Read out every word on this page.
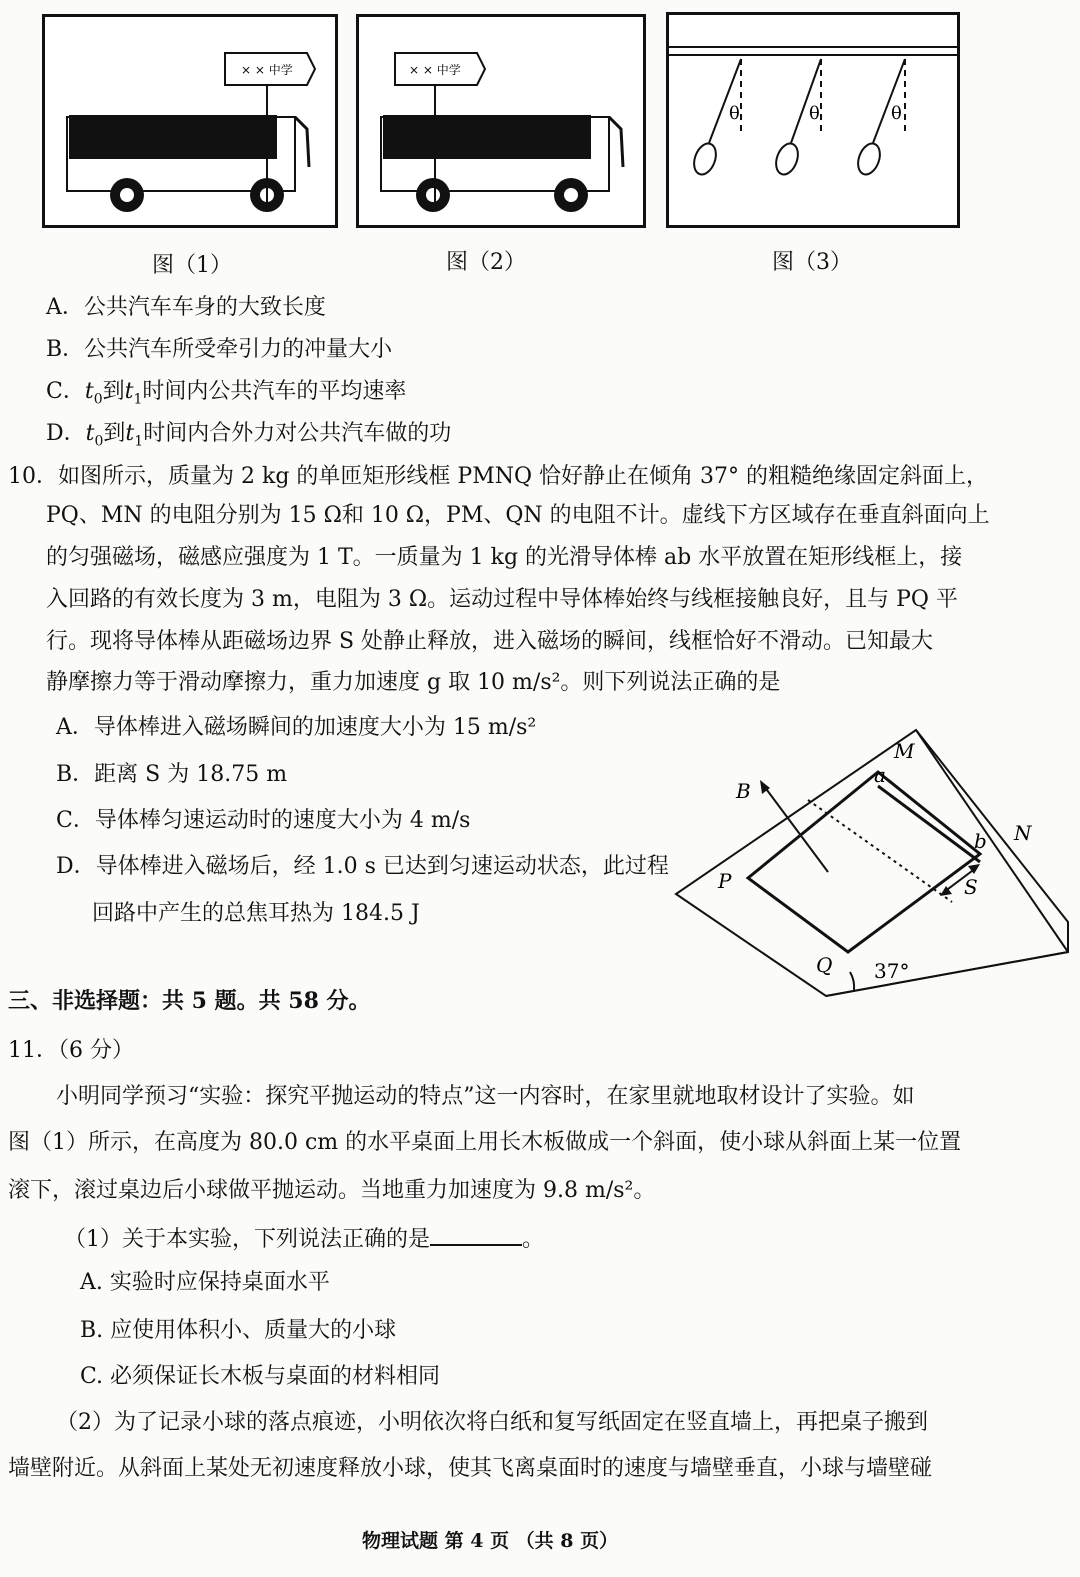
× × 中学
图（1）
× × 中学
图（2）
θ	θ	θ
图（3）
A．公共汽车车身的大致长度
B．公共汽车所受牵引力的冲量大小
C．$t_0$到$t_1$时间内公共汽车的平均速率
D．$t_0$到$t_1$时间内合外力对公共汽车做的功
10．如图所示，质量为 2 kg 的单匝矩形线框 PMNQ 恰好静止在倾角 37° 的粗糙绝缘固定斜面上，
PQ、MN 的电阻分别为 15 Ω和 10 Ω，PM、QN 的电阻不计。虚线下方区域存在垂直斜面向上
的匀强磁场，磁感应强度为 1 T。一质量为 1 kg 的光滑导体棒 ab 水平放置在矩形线框上，接
入回路的有效长度为 3 m，电阻为 3 Ω。运动过程中导体棒始终与线框接触良好，且与 PQ 平
行。现将导体棒从距磁场边界 S 处静止释放，进入磁场的瞬间，线框恰好不滑动。已知最大
静摩擦力等于滑动摩擦力，重力加速度 g 取 10 m/s²。则下列说法正确的是
A．导体棒进入磁场瞬间的加速度大小为 15 m/s²
B．距离 S 为 18.75 m
C．导体棒匀速运动时的速度大小为 4 m/s
D．导体棒进入磁场后，经 1.0 s 已达到匀速运动状态，此过程
回路中产生的总焦耳热为 184.5 J
M
N
P
Q
a
b
B
S
37°
三、非选择题：共 5 题。共 58 分。
11．（6 分）
小明同学预习“实验：探究平抛运动的特点”这一内容时，在家里就地取材设计了实验。如
图（1）所示，在高度为 80.0 cm 的水平桌面上用长木板做成一个斜面，使小球从斜面上某一位置
滚下，滚过桌边后小球做平抛运动。当地重力加速度为 9.8 m/s²。
（1）关于本实验，下列说法正确的是	。
A. 实验时应保持桌面水平
B. 应使用体积小、质量大的小球
C. 必须保证长木板与桌面的材料相同
（2）为了记录小球的落点痕迹，小明依次将白纸和复写纸固定在竖直墙上，再把桌子搬到
墙壁附近。从斜面上某处无初速度释放小球，使其飞离桌面时的速度与墙壁垂直，小球与墙壁碰
物理试题 第 4 页 （共 8 页）
